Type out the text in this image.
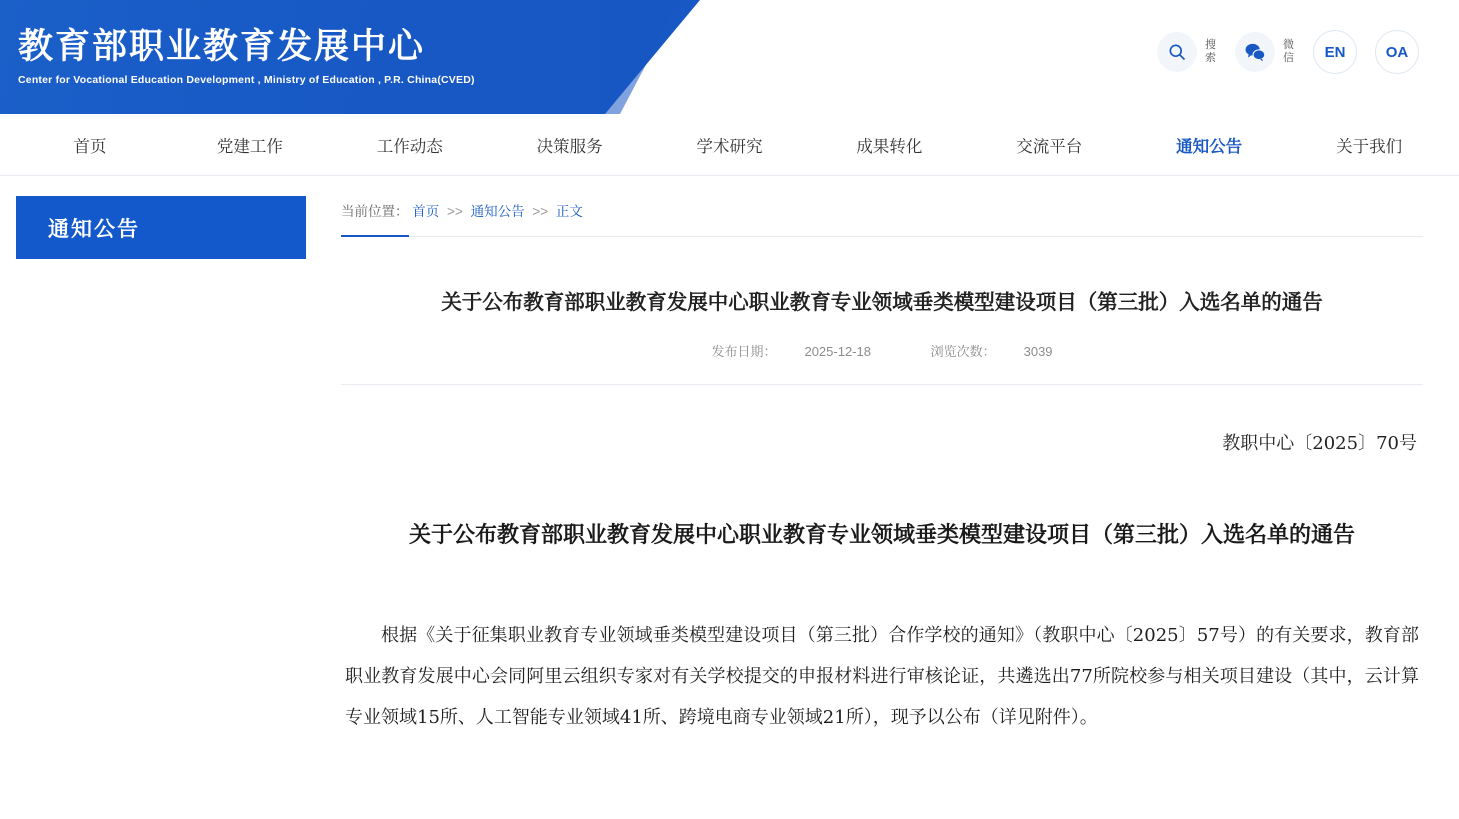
教育部职业教育发展中心
Center for Vocational Education Development , Ministry of Education , P.R. China(CVED)
搜
索
微
信	EN	OA
首页	党建工作	工作动态	决策服务	学术研究	成果转化	交流平台	通知公告	关于我们
通知公告
当前位置： 首页 >> 通知公告 >> 正文
关于公布教育部职业教育发展中心职业教育专业领域垂类模型建设项目（第三批）入选名单的通告
发布日期： 2025-12-18	浏览次数： 3039
教职中心〔2025〕70号
关于公布教育部职业教育发展中心职业教育专业领域垂类模型建设项目（第三批）入选名单的通告

根据《关于征集职业教育专业领域垂类模型建设项目（第三批）合作学校的通知》（教职中心〔2025〕57号）的有关要求，教育部职业教育发展中心会同阿里云组织专家对有关学校提交的申报材料进行审核论证，共遴选出77所院校参与相关项目建设（其中，云计算专业领域15所、人工智能专业领域41所、跨境电商专业领域21所），现予以公布（详见附件）。
